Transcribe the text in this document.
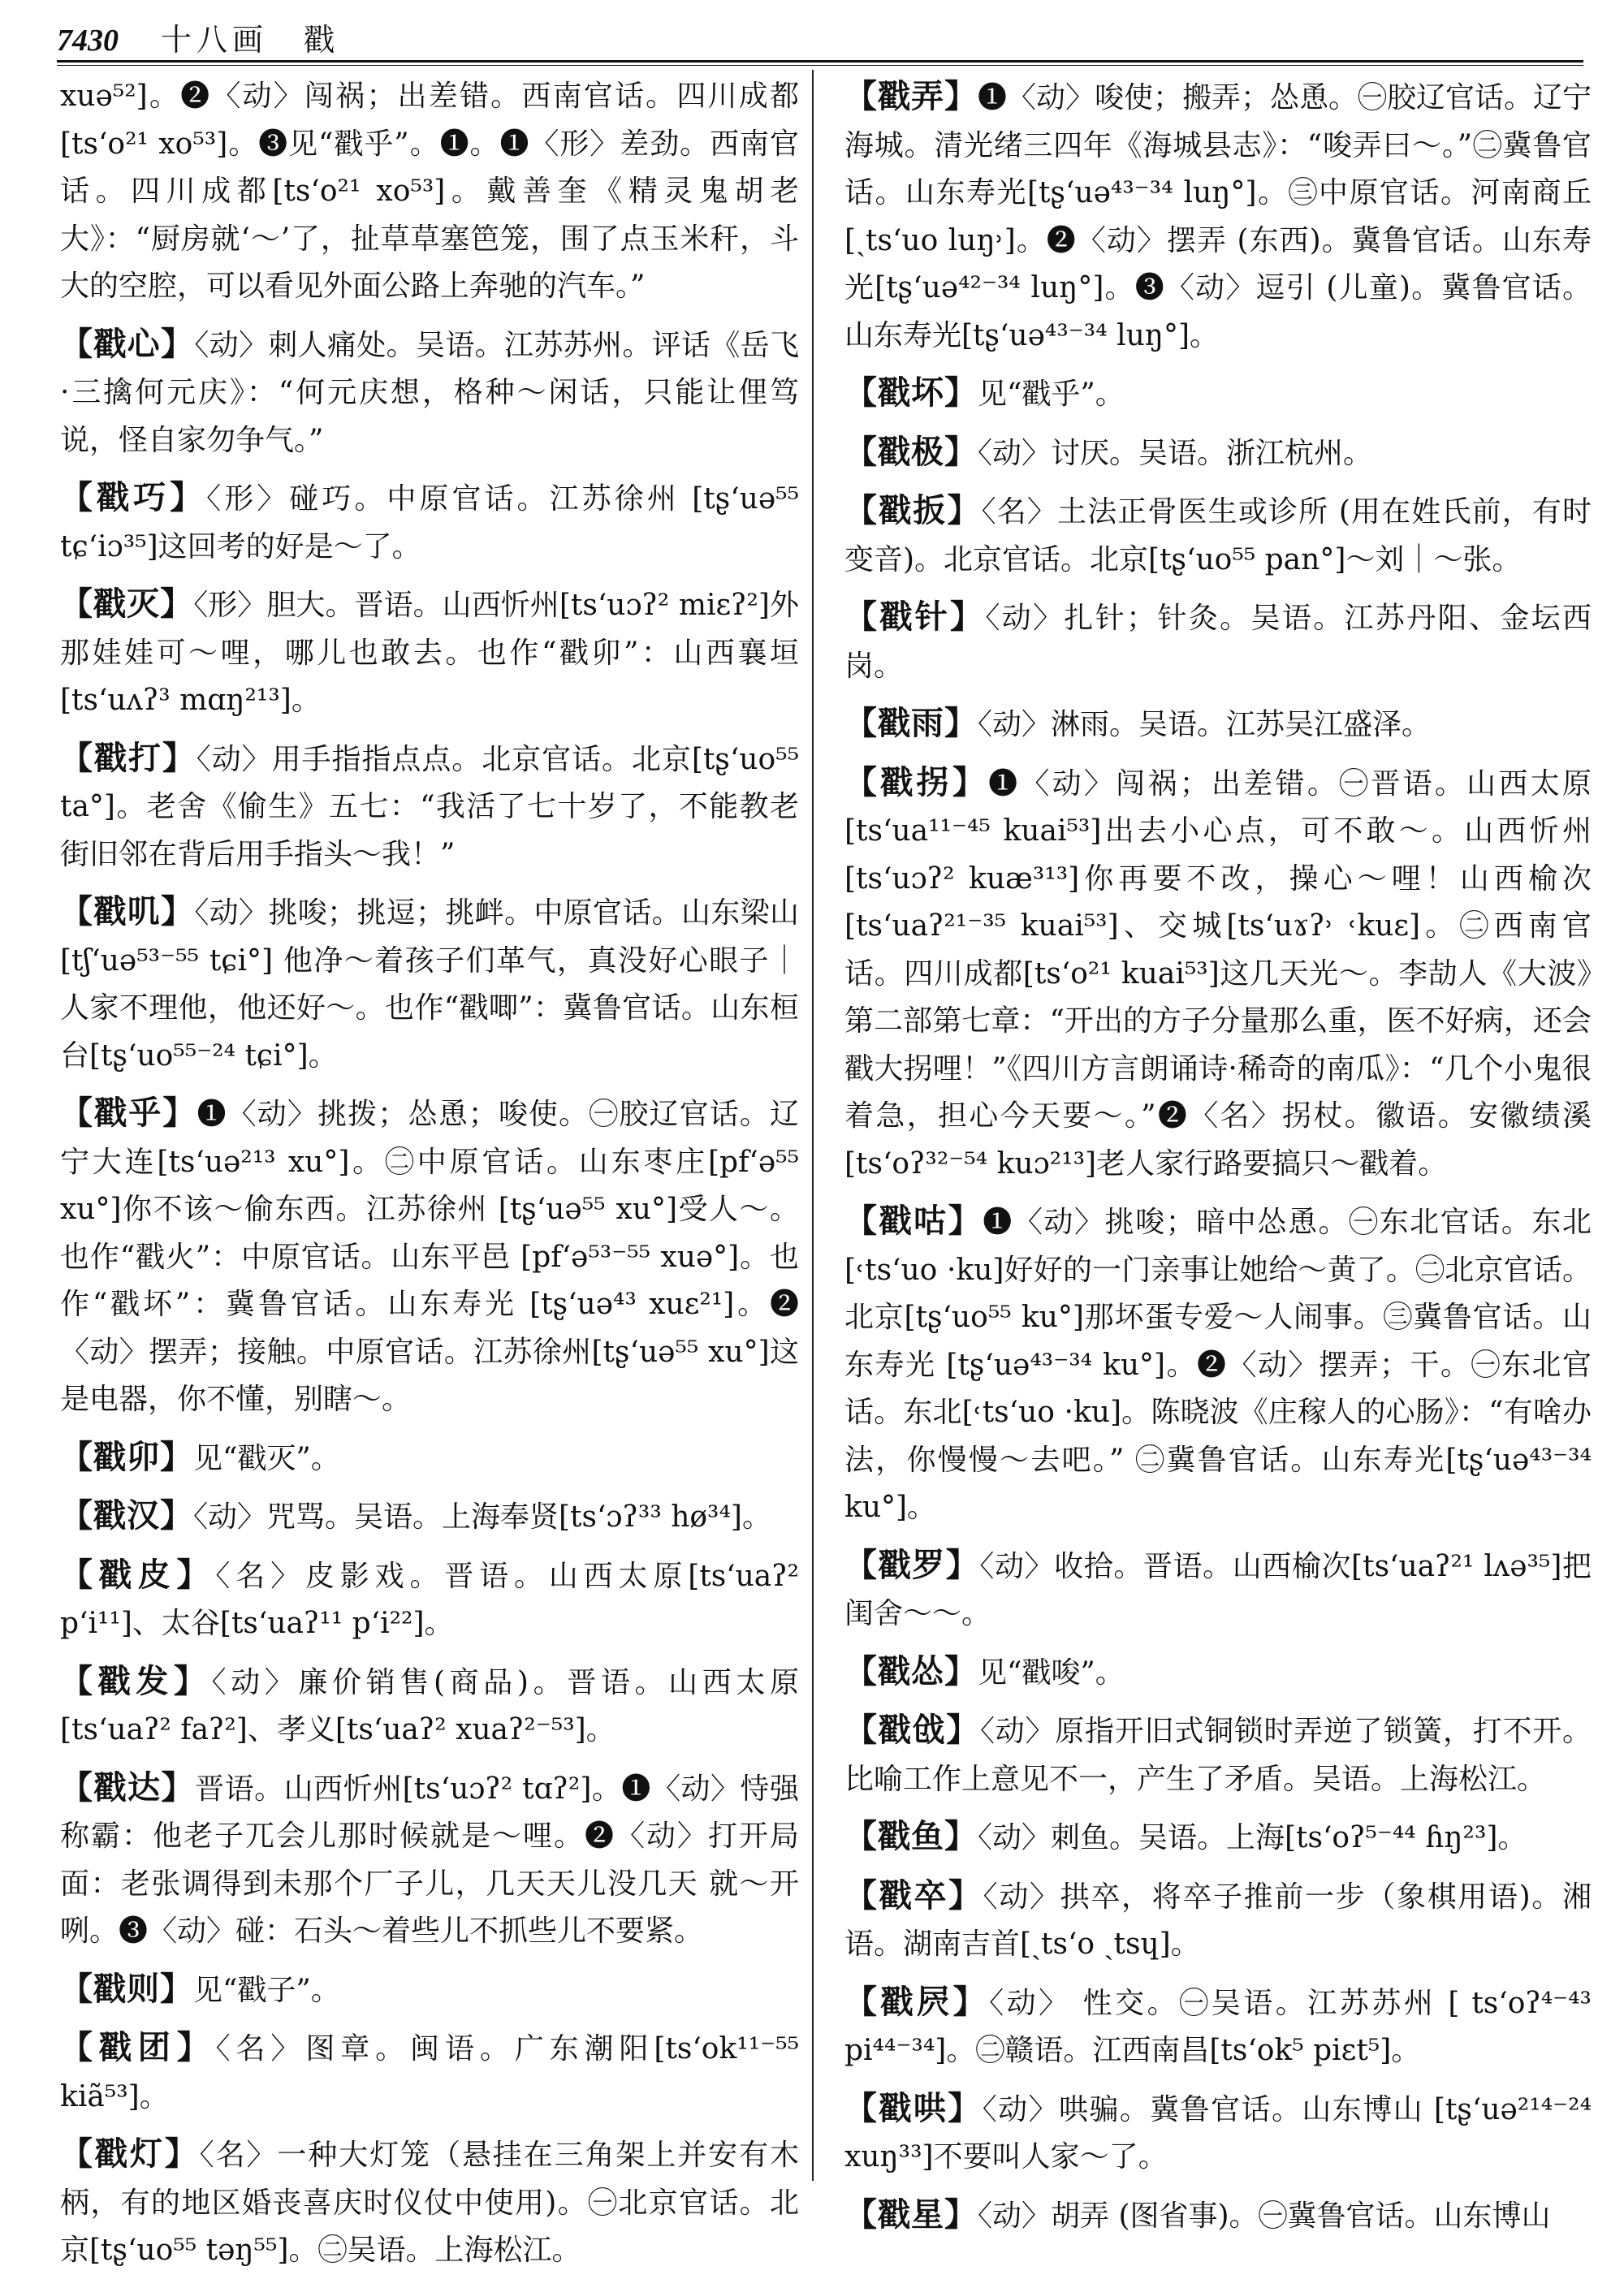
7430 十八画　戳

xuə⁵²]。❷〈动〉闯祸；出差错。西南官话。四川成都[ts‘o²¹ xo⁵³]。❸见“戳乎”。❶。❶〈形〉差劲。西南官话。四川成都[ts‘o²¹ xo⁵³]。戴善奎《精灵鬼胡老大》：“厨房就‘～’了，扯草草塞笆笼，围了点玉米秆，斗大的空腔，可以看见外面公路上奔驰的汽车。”

【戳心】〈动〉刺人痛处。吴语。江苏苏州。评话《岳飞·三擒何元庆》：“何元庆想，格种～闲话，只能让俚笃说，怪自家勿争气。”

【戳巧】〈形〉碰巧。中原官话。江苏徐州 [tʂ‘uə⁵⁵ tɕ‘iɔ³⁵]这回考的好是～了。

【戳灭】〈形〉胆大。晋语。山西忻州[ts‘uɔʔ² miɛʔ²]外那娃娃可～哩，哪儿也敢去。也作“戳卯”：山西襄垣[ts‘uʌʔ³ mɑŋ²¹³]。

【戳打】〈动〉用手指指点点。北京官话。北京[tʂ‘uo⁵⁵ ta°]。老舍《偷生》五七：“我活了七十岁了，不能教老街旧邻在背后用手指头～我！”

【戳叽】〈动〉挑唆；挑逗；挑衅。中原官话。山东梁山[tʃ‘uə⁵³⁻⁵⁵ tɕi°] 他净～着孩子们革气，真没好心眼子｜人家不理他，他还好～。也作“戳唧”：冀鲁官话。山东桓台[tʂ‘uo⁵⁵⁻²⁴ tɕi°]。

【戳乎】❶〈动〉挑拨；怂恿；唆使。㊀胶辽官话。辽宁大连[ts‘uə²¹³ xu°]。㊁中原官话。山东枣庄[pf‘ə⁵⁵ xu°]你不该～偷东西。江苏徐州 [tʂ‘uə⁵⁵ xu°]受人～。也作“戳火”：中原官话。山东平邑 [pf‘ə⁵³⁻⁵⁵ xuə°]。也作“戳坏”：冀鲁官话。山东寿光 [tʂ‘uə⁴³ xuɛ²¹]。❷〈动〉摆弄；接触。中原官话。江苏徐州[tʂ‘uə⁵⁵ xu°]这是电器，你不懂，别瞎～。

【戳卯】见“戳灭”。

【戳汉】〈动〉咒骂。吴语。上海奉贤[ts‘ɔʔ³³ hø³⁴]。

【戳皮】〈名〉皮影戏。晋语。山西太原[ts‘uaʔ² p‘i¹¹]、太谷[ts‘uaʔ¹¹ p‘i²²]。

【戳发】〈动〉廉价销售(商品)。晋语。山西太原 [ts‘uaʔ² faʔ²]、孝义[ts‘uaʔ² xuaʔ²⁻⁵³]。

【戳达】晋语。山西忻州[ts‘uɔʔ² tɑʔ²]。❶〈动〉恃强称霸：他老子兀会儿那时候就是～哩。❷〈动〉打开局面：老张调得到未那个厂子儿，几天天儿没几天 就～开咧。❸〈动〉碰：石头～着些儿不抓些儿不要紧。

【戳则】见“戳子”。

【戳团】〈名〉图章。闽语。广东潮阳[ts‘ok¹¹⁻⁵⁵ kiã⁵³]。

【戳灯】〈名〉一种大灯笼（悬挂在三角架上并安有木柄，有的地区婚丧喜庆时仪仗中使用)。㊀北京官话。北京[tʂ‘uo⁵⁵ təŋ⁵⁵]。㊁吴语。上海松江。

【戳弄】❶〈动〉唆使；搬弄；怂恿。㊀胶辽官话。辽宁海城。清光绪三四年《海城县志》：“唆弄曰～。”㊁冀鲁官话。山东寿光[tʂ‘uə⁴³⁻³⁴ luŋ°]。㊂中原官话。河南商丘[ˏts‘uo luŋ˒]。❷〈动〉摆弄 (东西)。冀鲁官话。山东寿光[tʂ‘uə⁴²⁻³⁴ luŋ°]。❸〈动〉逗引 (儿童)。冀鲁官话。山东寿光[tʂ‘uə⁴³⁻³⁴ luŋ°]。

【戳坏】见“戳乎”。

【戳极】〈动〉讨厌。吴语。浙江杭州。

【戳扳】〈名〉土法正骨医生或诊所 (用在姓氏前，有时变音)。北京官话。北京[tʂ‘uo⁵⁵ pan°]～刘｜～张。

【戳针】〈动〉扎针；针灸。吴语。江苏丹阳、金坛西岗。

【戳雨】〈动〉淋雨。吴语。江苏吴江盛泽。

【戳拐】❶〈动〉闯祸；出差错。㊀晋语。山西太原[ts‘ua¹¹⁻⁴⁵ kuai⁵³]出去小心点，可不敢～。山西忻州[ts‘uɔʔ² kuæ³¹³]你再要不改，操心～哩！山西榆次 [ts‘uaʔ²¹⁻³⁵ kuai⁵³]、交城[ts‘uɤʔ˒ ˓kuɛ]。㊁西南官话。四川成都[ts‘o²¹ kuai⁵³]这几天光～。李劼人《大波》第二部第七章：“开出的方子分量那么重，医不好病，还会戳大拐哩！”《四川方言朗诵诗·稀奇的南瓜》：“几个小鬼很着急，担心今天要～。”❷〈名〉拐杖。徽语。安徽绩溪 [ts‘oʔ³²⁻⁵⁴ kuɔ²¹³]老人家行路要搞只～戳着。

【戳咕】❶〈动〉挑唆；暗中怂恿。㊀东北官话。东北[˓ts‘uo ·ku]好好的一门亲事让她给～黄了。㊁北京官话。北京[tʂ‘uo⁵⁵ ku°]那坏蛋专爱～人闹事。㊂冀鲁官话。山东寿光 [tʂ‘uə⁴³⁻³⁴ ku°]。❷〈动〉摆弄；干。㊀东北官话。东北[˓ts‘uo ·ku]。陈晓波《庄稼人的心肠》：“有啥办法，你慢慢～去吧。” ㊁冀鲁官话。山东寿光[tʂ‘uə⁴³⁻³⁴ ku°]。

【戳罗】〈动〉收拾。晋语。山西榆次[ts‘uaʔ²¹ lʌə³⁵]把闺舍～～。

【戳怂】见“戳唆”。

【戳戗】〈动〉原指开旧式铜锁时弄逆了锁簧，打不开。比喻工作上意见不一，产生了矛盾。吴语。上海松江。

【戳鱼】〈动〉刺鱼。吴语。上海[ts‘oʔ⁵⁻⁴⁴ ɦŋ²³]。

【戳卒】〈动〉拱卒，将卒子推前一步（象棋用语)。湘语。湖南吉首[ˏts‘o ˏtsɥ]。

【戳屄】〈动〉 性交。㊀吴语。江苏苏州 [ ts‘oʔ⁴⁻⁴³ pi⁴⁴⁻³⁴]。㊁赣语。江西南昌[ts‘ok⁵ piɛt⁵]。

【戳哄】〈动〉哄骗。冀鲁官话。山东博山 [tʂ‘uə²¹⁴⁻²⁴ xuŋ³³]不要叫人家～了。

【戳星】〈动〉胡弄 (图省事)。㊀冀鲁官话。山东博山
